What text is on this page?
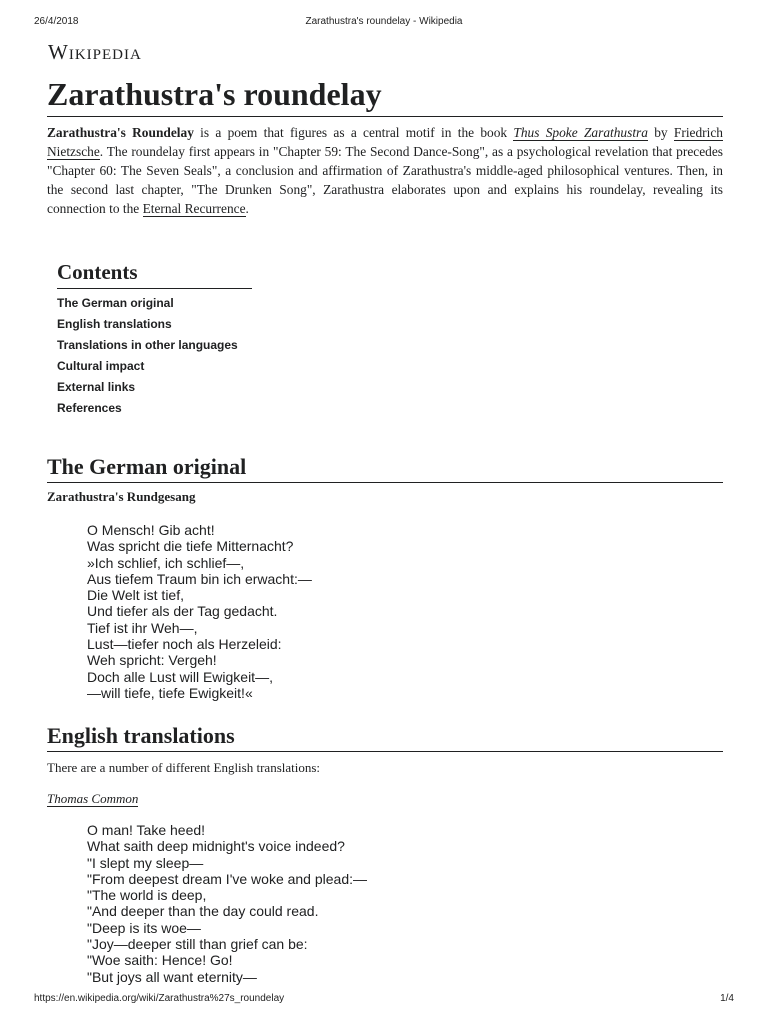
26/4/2018	Zarathustra's roundelay - Wikipedia
Wikipedia
Zarathustra's roundelay

Zarathustra's Roundelay is a poem that figures as a central motif in the book Thus Spoke Zarathustra by Friedrich Nietzsche. The roundelay first appears in "Chapter 59: The Second Dance-Song", as a psychological revelation that precedes "Chapter 60: The Seven Seals", a conclusion and affirmation of Zarathustra's middle-aged philosophical ventures. Then, in the second last chapter, "The Drunken Song", Zarathustra elaborates upon and explains his roundelay, revealing its connection to the Eternal Recurrence.

Contents
The German original
English translations
Translations in other languages
Cultural impact
External links
References
The German original

Zarathustra's Rundgesang

O Mensch! Gib acht!
Was spricht die tiefe Mitternacht?
»Ich schlief, ich schlief—,
Aus tiefem Traum bin ich erwacht:—
Die Welt ist tief,
Und tiefer als der Tag gedacht.
Tief ist ihr Weh—,
Lust—tiefer noch als Herzeleid:
Weh spricht: Vergeh!
Doch alle Lust will Ewigkeit—,
—will tiefe, tiefe Ewigkeit!«
English translations

There are a number of different English translations:

Thomas Common

O man! Take heed!
What saith deep midnight's voice indeed?
"I slept my sleep—
"From deepest dream I've woke and plead:—
"The world is deep,
"And deeper than the day could read.
"Deep is its woe—
"Joy—deeper still than grief can be:
"Woe saith: Hence! Go!
"But joys all want eternity—
https://en.wikipedia.org/wiki/Zarathustra%27s_roundelay	1/4
